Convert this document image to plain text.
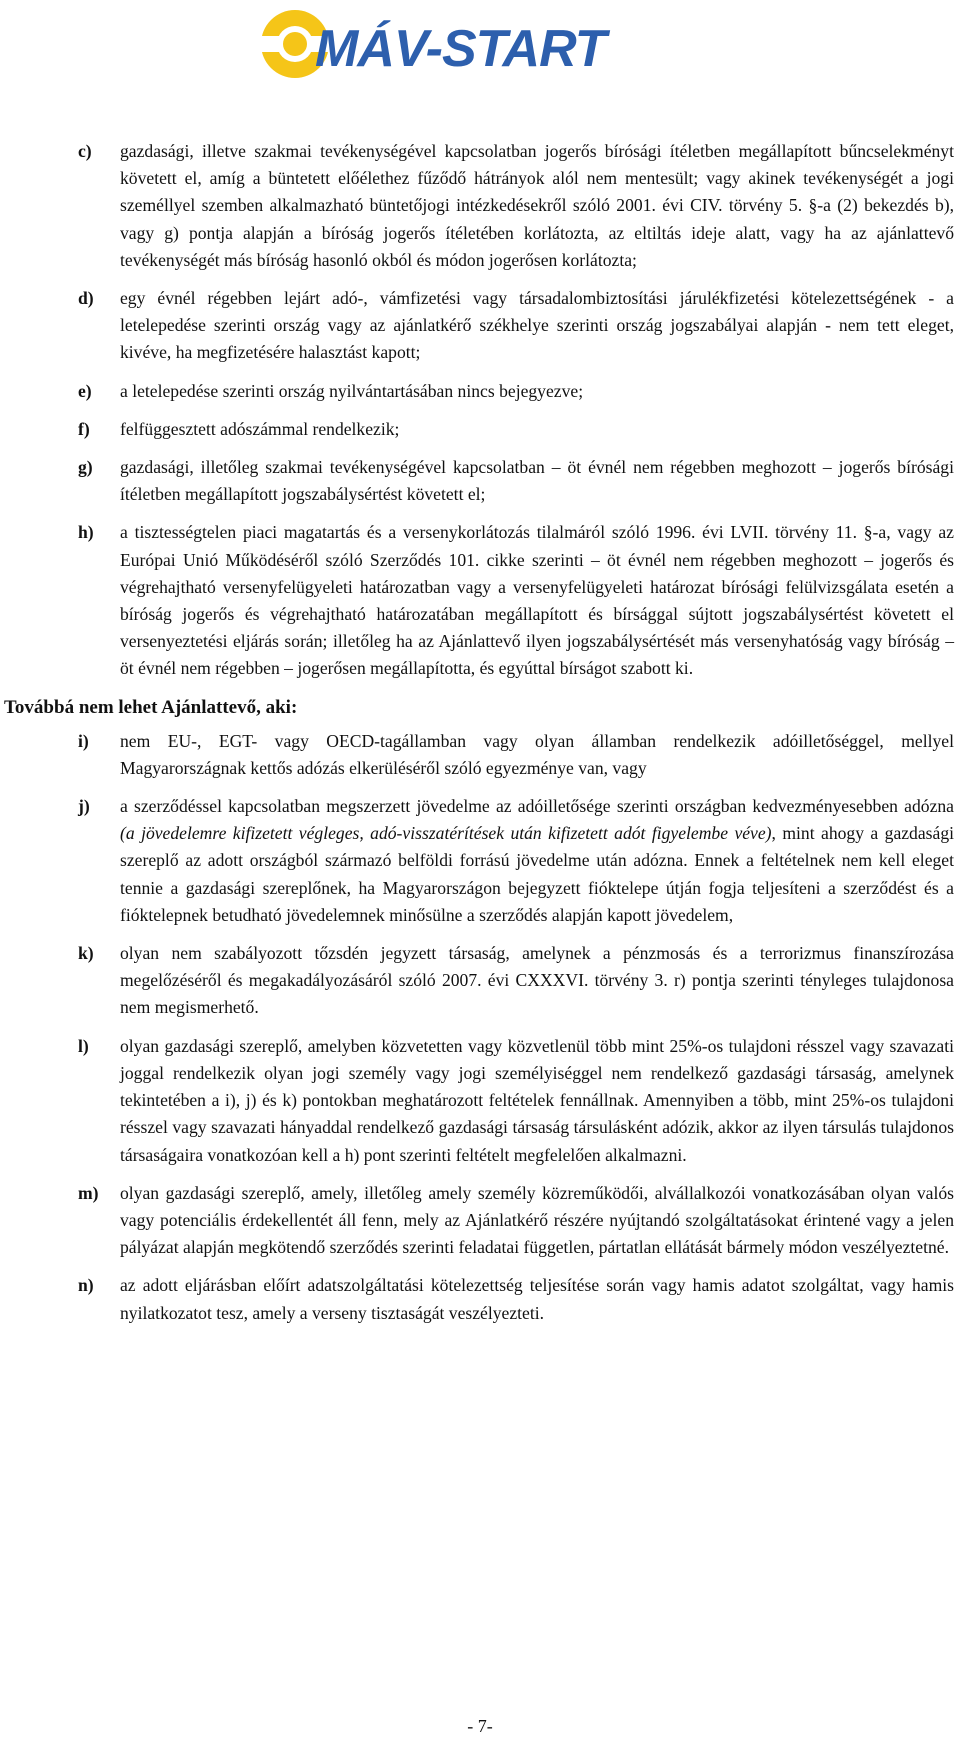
MÁV-START
c)	gazdasági, illetve szakmai tevékenységével kapcsolatban jogerős bírósági ítéletben megállapított bűncselekményt követett el, amíg a büntetett előélethez fűződő hátrányok alól nem mentesült; vagy akinek tevékenységét a jogi személlyel szemben alkalmazható büntetőjogi intézkedésekről szóló 2001. évi CIV. törvény 5. §-a (2) bekezdés b), vagy g) pontja alapján a bíróság jogerős ítéletében korlátozta, az eltiltás ideje alatt, vagy ha az ajánlattevő tevékenységét más bíróság hasonló okból és módon jogerősen korlátozta;
d)	egy évnél régebben lejárt adó-, vámfizetési vagy társadalombiztosítási járulékfizetési kötelezettségének - a letelepedése szerinti ország vagy az ajánlatkérő székhelye szerinti ország jogszabályai alapján - nem tett eleget, kivéve, ha megfizetésére halasztást kapott;
e)	a letelepedése szerinti ország nyilvántartásában nincs bejegyezve;
f)	felfüggesztett adószámmal rendelkezik;
g)	gazdasági, illetőleg szakmai tevékenységével kapcsolatban – öt évnél nem régebben meghozott – jogerős bírósági ítéletben megállapított jogszabálysértést követett el;
h)	a tisztességtelen piaci magatartás és a versenykorlátozás tilalmáról szóló 1996. évi LVII. törvény 11. §-a, vagy az Európai Unió Működéséről szóló Szerződés 101. cikke szerinti – öt évnél nem régebben meghozott – jogerős és végrehajtható versenyfelügyeleti határozatban vagy a versenyfelügyeleti határozat bírósági felülvizsgálata esetén a bíróság jogerős és végrehajtható határozatában megállapított és bírsággal sújtott jogszabálysértést követett el versenyeztetési eljárás során; illetőleg ha az Ajánlattevő ilyen jogszabálysértését más versenyhatóság vagy bíróság – öt évnél nem régebben – jogerősen megállapította, és egyúttal bírságot szabott ki.
Továbbá nem lehet Ajánlattevő, aki:
i)	nem EU-, EGT- vagy OECD-tagállamban vagy olyan államban rendelkezik adóilletőséggel, mellyel Magyarországnak kettős adózás elkerüléséről szóló egyezménye van, vagy
j)	a szerződéssel kapcsolatban megszerzett jövedelme az adóilletősége szerinti országban kedvezményesebben adózna (a jövedelemre kifizetett végleges, adó-visszatérítések után kifizetett adót figyelembe véve), mint ahogy a gazdasági szereplő az adott országból származó belföldi forrású jövedelme után adózna. Ennek a feltételnek nem kell eleget tennie a gazdasági szereplőnek, ha Magyarországon bejegyzett fióktelepe útján fogja teljesíteni a szerződést és a fióktelepnek betudható jövedelemnek minősülne a szerződés alapján kapott jövedelem,
k)	olyan nem szabályozott tőzsdén jegyzett társaság, amelynek a pénzmosás és a terrorizmus finanszírozása megelőzéséről és megakadályozásáról szóló 2007. évi CXXXVI. törvény 3. r) pontja szerinti tényleges tulajdonosa nem megismerhető.
l)	olyan gazdasági szereplő, amelyben közvetetten vagy közvetlenül több mint 25%-os tulajdoni résszel vagy szavazati joggal rendelkezik olyan jogi személy vagy jogi személyiséggel nem rendelkező gazdasági társaság, amelynek tekintetében a i), j) és k) pontokban meghatározott feltételek fennállnak. Amennyiben a több, mint 25%-os tulajdoni résszel vagy szavazati hányaddal rendelkező gazdasági társaság társulásként adózik, akkor az ilyen társulás tulajdonos társaságaira vonatkozóan kell a h) pont szerinti feltételt megfelelően alkalmazni.
m)	olyan gazdasági szereplő, amely, illetőleg amely személy közreműködői, alvállalkozói vonatkozásában olyan valós vagy potenciális érdekellentét áll fenn, mely az Ajánlatkérő részére nyújtandó szolgáltatásokat érintené vagy a jelen pályázat alapján megkötendő szerződés szerinti feladatai független, pártatlan ellátását bármely módon veszélyeztetné.
n)	az adott eljárásban előírt adatszolgáltatási kötelezettség teljesítése során vagy hamis adatot szolgáltat, vagy hamis nyilatkozatot tesz, amely a verseny tisztaságát veszélyezteti.
- 7-
